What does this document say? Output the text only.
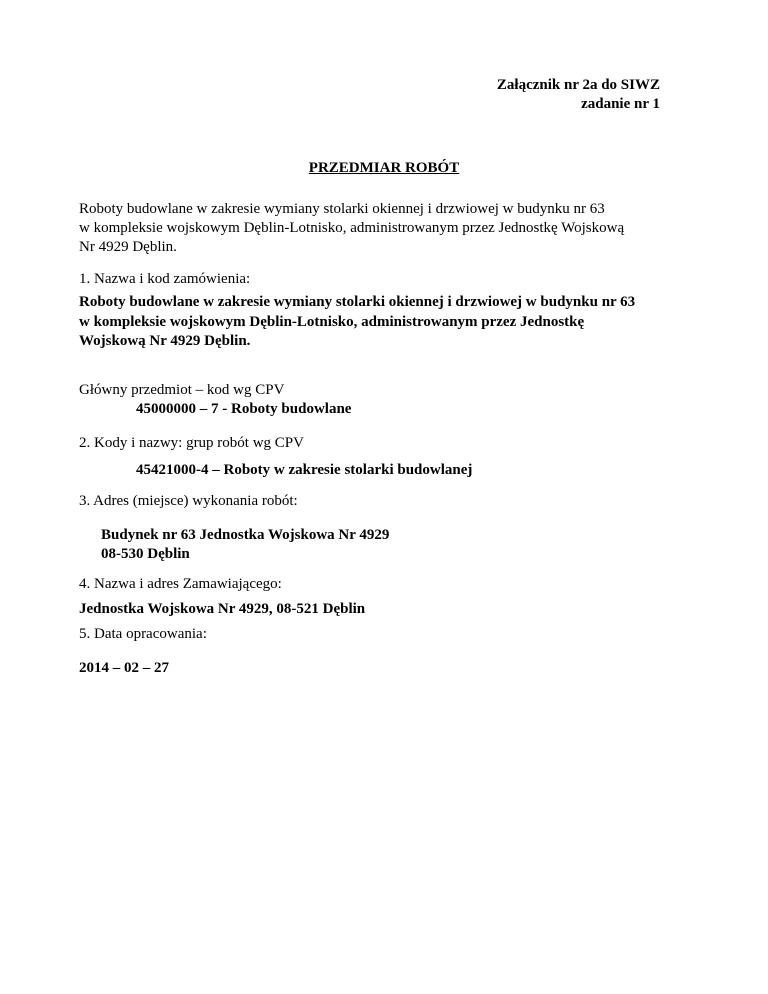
Załącznik nr 2a do SIWZ

zadanie nr 1

PRZEDMIAR ROBÓT

Roboty budowlane w zakresie wymiany stolarki okiennej i drzwiowej w budynku nr 63

w kompleksie wojskowym Dęblin-Lotnisko, administrowanym przez Jednostkę Wojskową

Nr 4929 Dęblin.

1. Nazwa i kod zamówienia:

Roboty budowlane w zakresie wymiany stolarki okiennej i drzwiowej w budynku nr 63

w kompleksie wojskowym Dęblin-Lotnisko, administrowanym przez Jednostkę

Wojskową Nr 4929 Dęblin.

Główny przedmiot – kod wg CPV

45000000 – 7 - Roboty budowlane

2. Kody i nazwy: grup robót wg CPV

45421000-4 – Roboty w zakresie stolarki budowlanej

3. Adres (miejsce) wykonania robót:

Budynek nr 63 Jednostka Wojskowa Nr 4929

08-530 Dęblin

4. Nazwa i adres Zamawiającego:

Jednostka Wojskowa Nr 4929, 08-521 Dęblin

5. Data opracowania:

2014 – 02 – 27
